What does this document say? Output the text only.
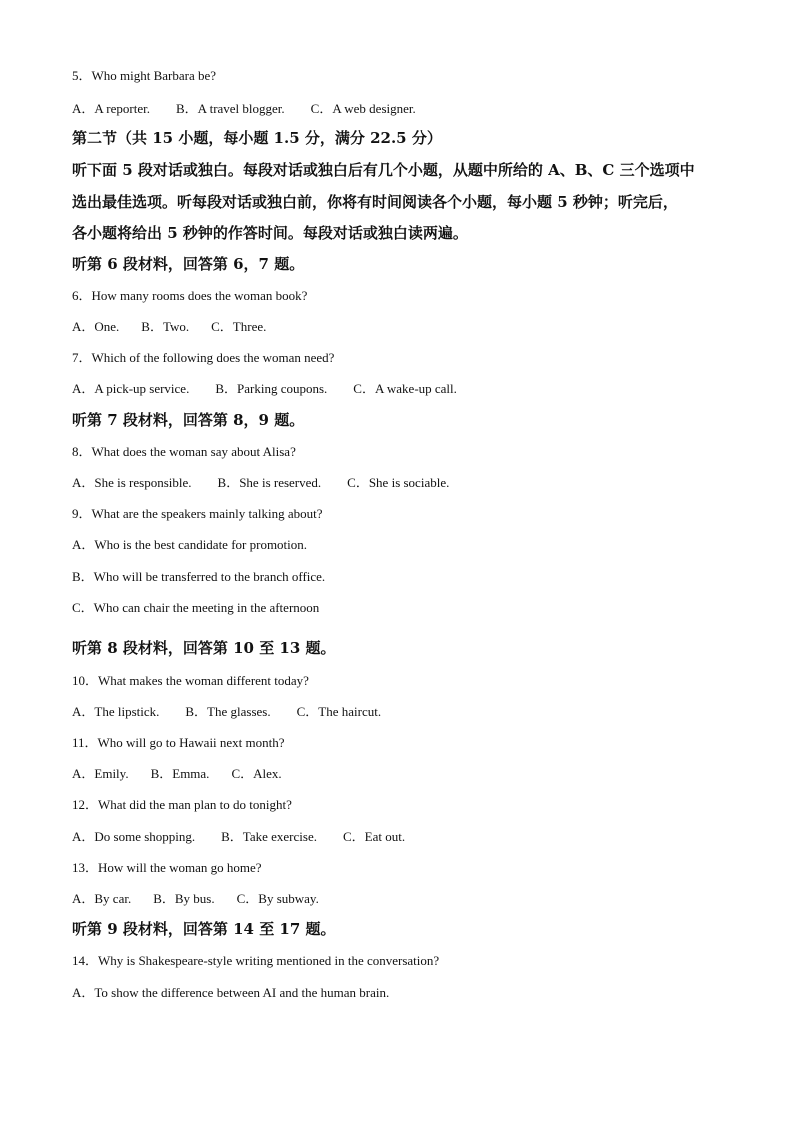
5．Who might Barbara be?
A．A reporter. B．A travel blogger. C．A web designer.
第二节（共 15 小题，每小题 1.5 分，满分 22.5 分）
听下面 5 段对话或独白。每段对话或独白后有几个小题，从题中所给的 A、B、C 三个选项中
选出最佳选项。听每段对话或独白前，你将有时间阅读各个小题，每小题 5 秒钟；听完后，
各小题将给出 5 秒钟的作答时间。每段对话或独白读两遍。
听第 6 段材料，回答第 6，7 题。
6．How many rooms does the woman book?
A．One. B．Two. C．Three.
7．Which of the following does the woman need?
A．A pick-up service. B．Parking coupons. C．A wake-up call.
听第 7 段材料，回答第 8，9 题。
8．What does the woman say about Alisa?
A．She is responsible. B．She is reserved. C．She is sociable.
9．What are the speakers mainly talking about?
A．Who is the best candidate for promotion.
B．Who will be transferred to the branch office.
C．Who can chair the meeting in the afternoon
听第 8 段材料，回答第 10 至 13 题。
10．What makes the woman different today?
A．The lipstick. B．The glasses. C．The haircut.
11．Who will go to Hawaii next month?
A．Emily. B．Emma. C．Alex.
12．What did the man plan to do tonight?
A．Do some shopping. B．Take exercise. C．Eat out.
13．How will the woman go home?
A．By car. B．By bus. C．By subway.
听第 9 段材料，回答第 14 至 17 题。
14．Why is Shakespeare-style writing mentioned in the conversation?
A．To show the difference between AI and the human brain.
